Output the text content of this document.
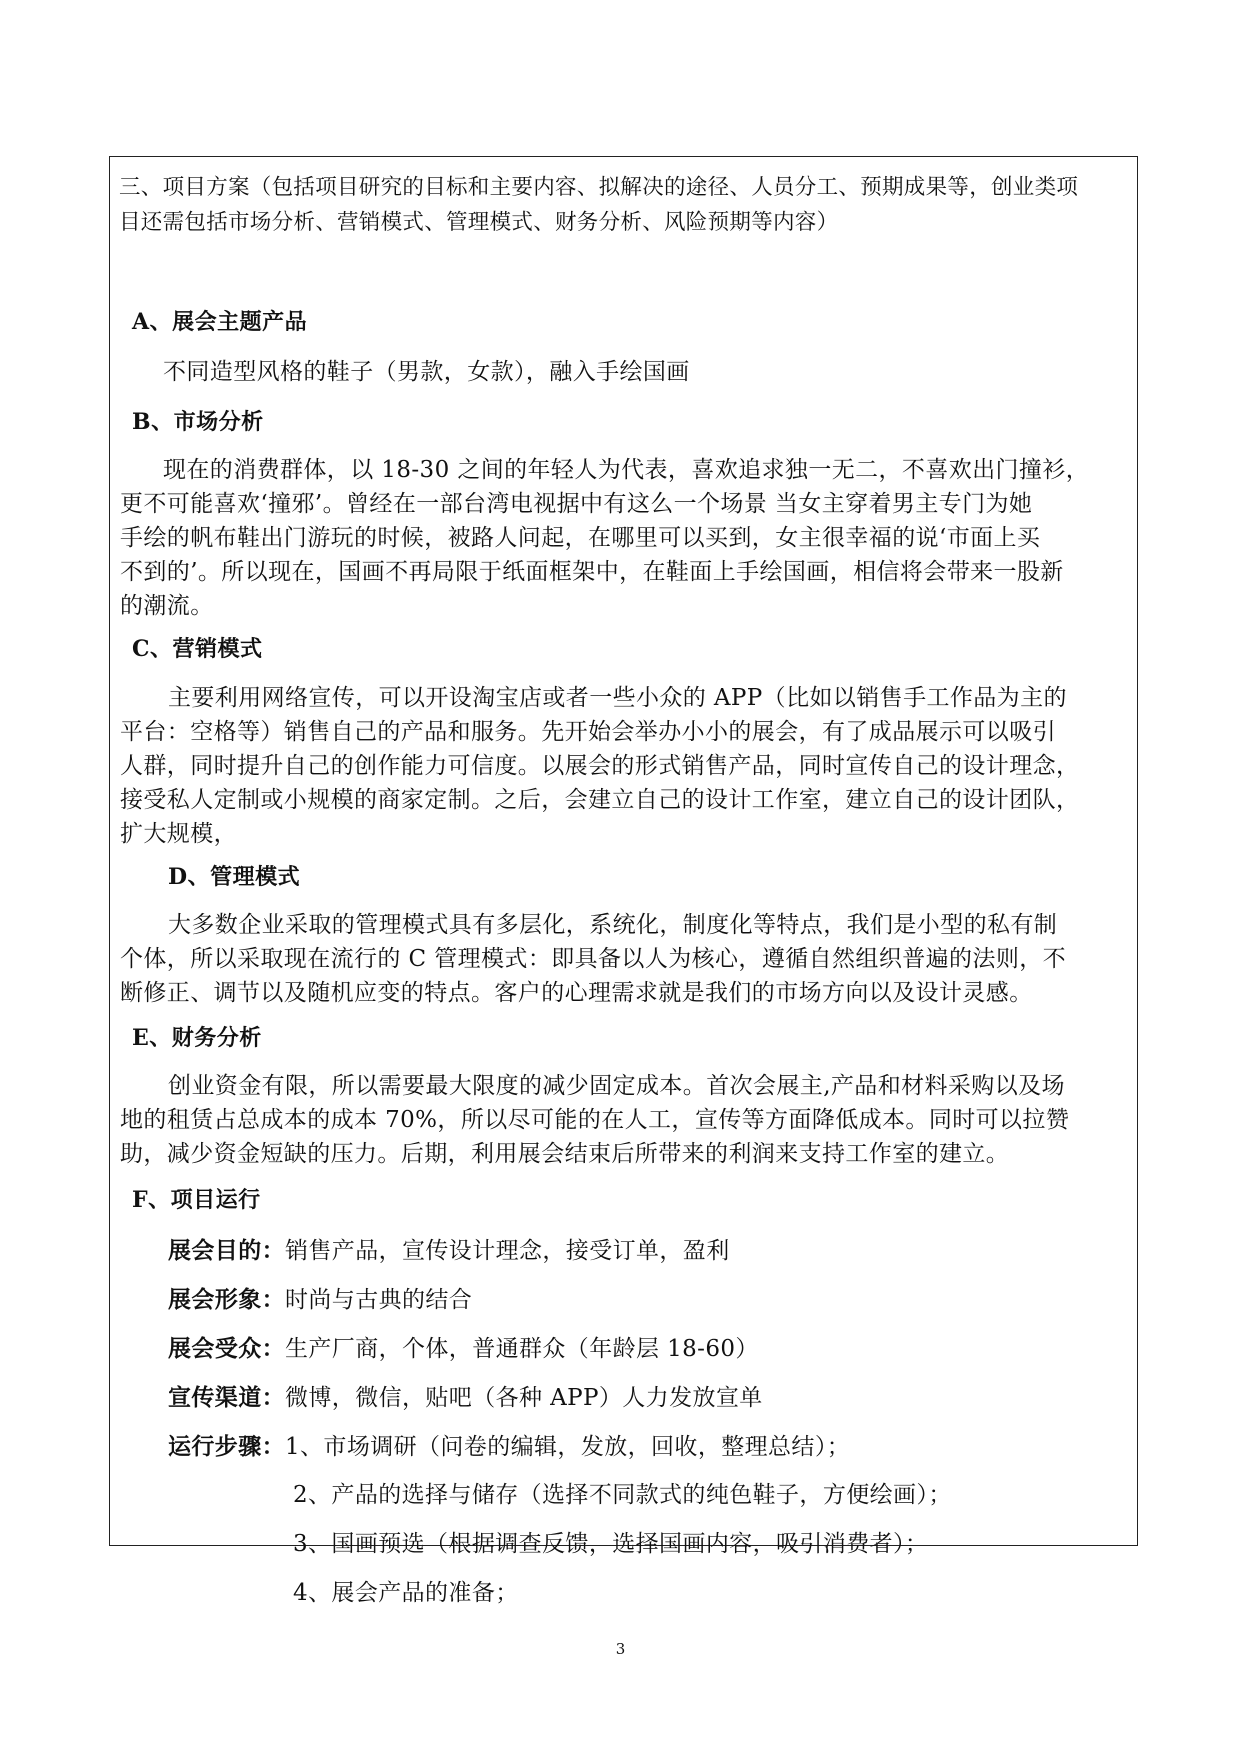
三、项目方案（包括项目研究的目标和主要内容、拟解决的途径、人员分工、预期成果等，创业类项
目还需包括市场分析、营销模式、管理模式、财务分析、风险预期等内容）
A、展会主题产品
不同造型风格的鞋子（男款，女款），融入手绘国画
B、市场分析
现在的消费群体，以 18-30 之间的年轻人为代表，喜欢追求独一无二，不喜欢出门撞衫，
更不可能喜欢‘撞邪’。曾经在一部台湾电视据中有这么一个场景 当女主穿着男主专门为她
手绘的帆布鞋出门游玩的时候，被路人问起，在哪里可以买到，女主很幸福的说‘市面上买
不到的’。所以现在，国画不再局限于纸面框架中，在鞋面上手绘国画，相信将会带来一股新
的潮流。
C、营销模式
主要利用网络宣传，可以开设淘宝店或者一些小众的 APP（比如以销售手工作品为主的
平台：空格等）销售自己的产品和服务。先开始会举办小小的展会，有了成品展示可以吸引
人群，同时提升自己的创作能力可信度。以展会的形式销售产品，同时宣传自己的设计理念，
接受私人定制或小规模的商家定制。之后，会建立自己的设计工作室，建立自己的设计团队，
扩大规模，
D、管理模式
大多数企业采取的管理模式具有多层化，系统化，制度化等特点，我们是小型的私有制
个体，所以采取现在流行的 C 管理模式：即具备以人为核心，遵循自然组织普遍的法则，不
断修正、调节以及随机应变的特点。客户的心理需求就是我们的市场方向以及设计灵感。
E、财务分析
创业资金有限，所以需要最大限度的减少固定成本。首次会展主,产品和材料采购以及场
地的租赁占总成本的成本 70%，所以尽可能的在人工，宣传等方面降低成本。同时可以拉赞
助，减少资金短缺的压力。后期，利用展会结束后所带来的利润来支持工作室的建立。
F、项目运行
展会目的：销售产品，宣传设计理念，接受订单，盈利
展会形象：时尚与古典的结合
展会受众：生产厂商，个体，普通群众（年龄层 18-60）
宣传渠道：微博，微信，贴吧（各种 APP）人力发放宣单
运行步骤：1、市场调研（问卷的编辑，发放，回收，整理总结）；
2、产品的选择与储存（选择不同款式的纯色鞋子，方便绘画）；
3、国画预选（根据调查反馈，选择国画内容，吸引消费者）；
4、展会产品的准备；
3
